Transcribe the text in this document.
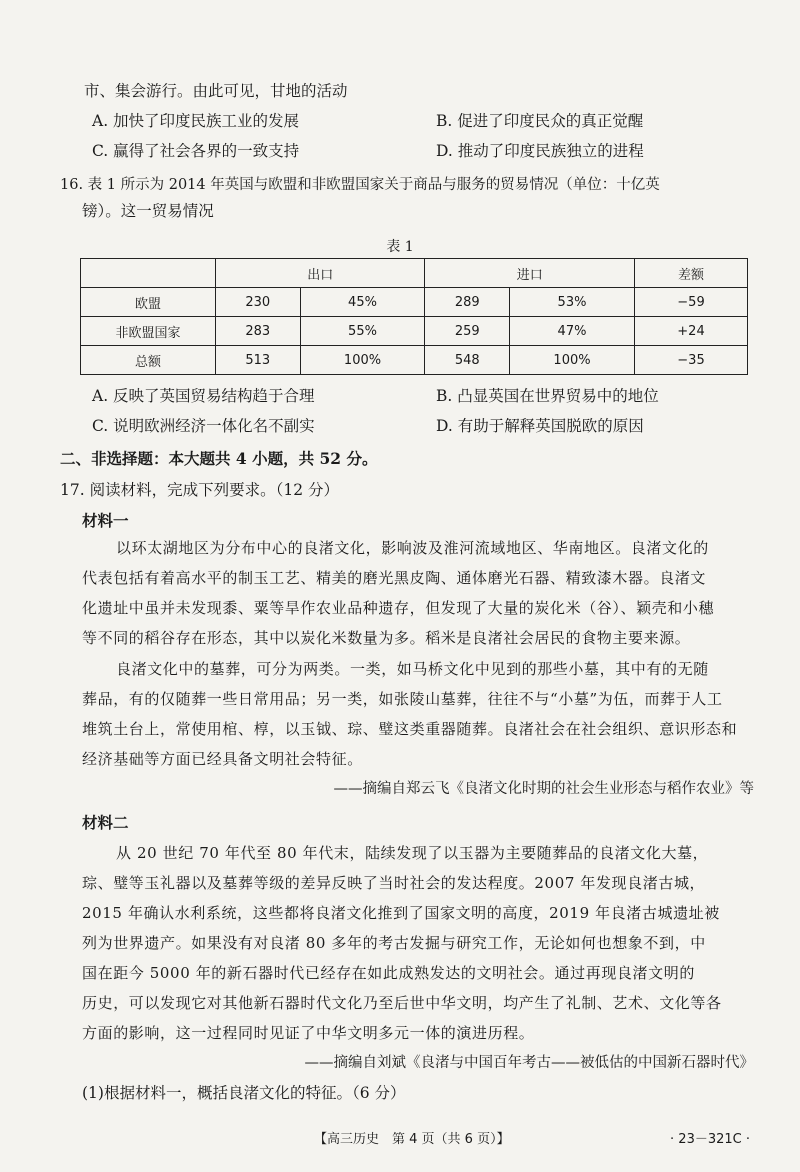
市、集会游行。由此可见，甘地的活动
A. 加快了印度民族工业的发展	B. 促进了印度民众的真正觉醒
C. 赢得了社会各界的一致支持	D. 推动了印度民族独立的进程
16. 表 1 所示为 2014 年英国与欧盟和非欧盟国家关于商品与服务的贸易情况（单位：十亿英
镑）。这一贸易情况
表 1
	出口		进口		差额
欧盟	230	45%	289	53%	−59
非欧盟国家	283	55%	259	47%	+24
总额	513	100%	548	100%	−35
A. 反映了英国贸易结构趋于合理	B. 凸显英国在世界贸易中的地位
C. 说明欧洲经济一体化名不副实	D. 有助于解释英国脱欧的原因
二、非选择题：本大题共 4 小题，共 52 分。
17. 阅读材料，完成下列要求。（12 分）
材料一
以环太湖地区为分布中心的良渚文化，影响波及淮河流域地区、华南地区。良渚文化的
代表包括有着高水平的制玉工艺、精美的磨光黑皮陶、通体磨光石器、精致漆木器。良渚文
化遗址中虽并未发现黍、粟等旱作农业品种遗存，但发现了大量的炭化米（谷）、颖壳和小穗
等不同的稻谷存在形态，其中以炭化米数量为多。稻米是良渚社会居民的食物主要来源。
良渚文化中的墓葬，可分为两类。一类，如马桥文化中见到的那些小墓，其中有的无随
葬品，有的仅随葬一些日常用品；另一类，如张陵山墓葬，往往不与“小墓”为伍，而葬于人工
堆筑土台上，常使用棺、椁，以玉钺、琮、璧这类重器随葬。良渚社会在社会组织、意识形态和
经济基础等方面已经具备文明社会特征。
——摘编自郑云飞《良渚文化时期的社会生业形态与稻作农业》等
材料二
从 20 世纪 70 年代至 80 年代末，陆续发现了以玉器为主要随葬品的良渚文化大墓，
琮、璧等玉礼器以及墓葬等级的差异反映了当时社会的发达程度。2007 年发现良渚古城，
2015 年确认水利系统，这些都将良渚文化推到了国家文明的高度，2019 年良渚古城遗址被
列为世界遗产。如果没有对良渚 80 多年的考古发掘与研究工作，无论如何也想象不到，中
国在距今 5000 年的新石器时代已经存在如此成熟发达的文明社会。通过再现良渚文明的
历史，可以发现它对其他新石器时代文化乃至后世中华文明，均产生了礼制、艺术、文化等各
方面的影响，这一过程同时见证了中华文明多元一体的演进历程。
——摘编自刘斌《良渚与中国百年考古——被低估的中国新石器时代》
(1)根据材料一，概括良渚文化的特征。（6 分）
【高三历史　第 4 页（共 6 页）】	· 23－321C ·
